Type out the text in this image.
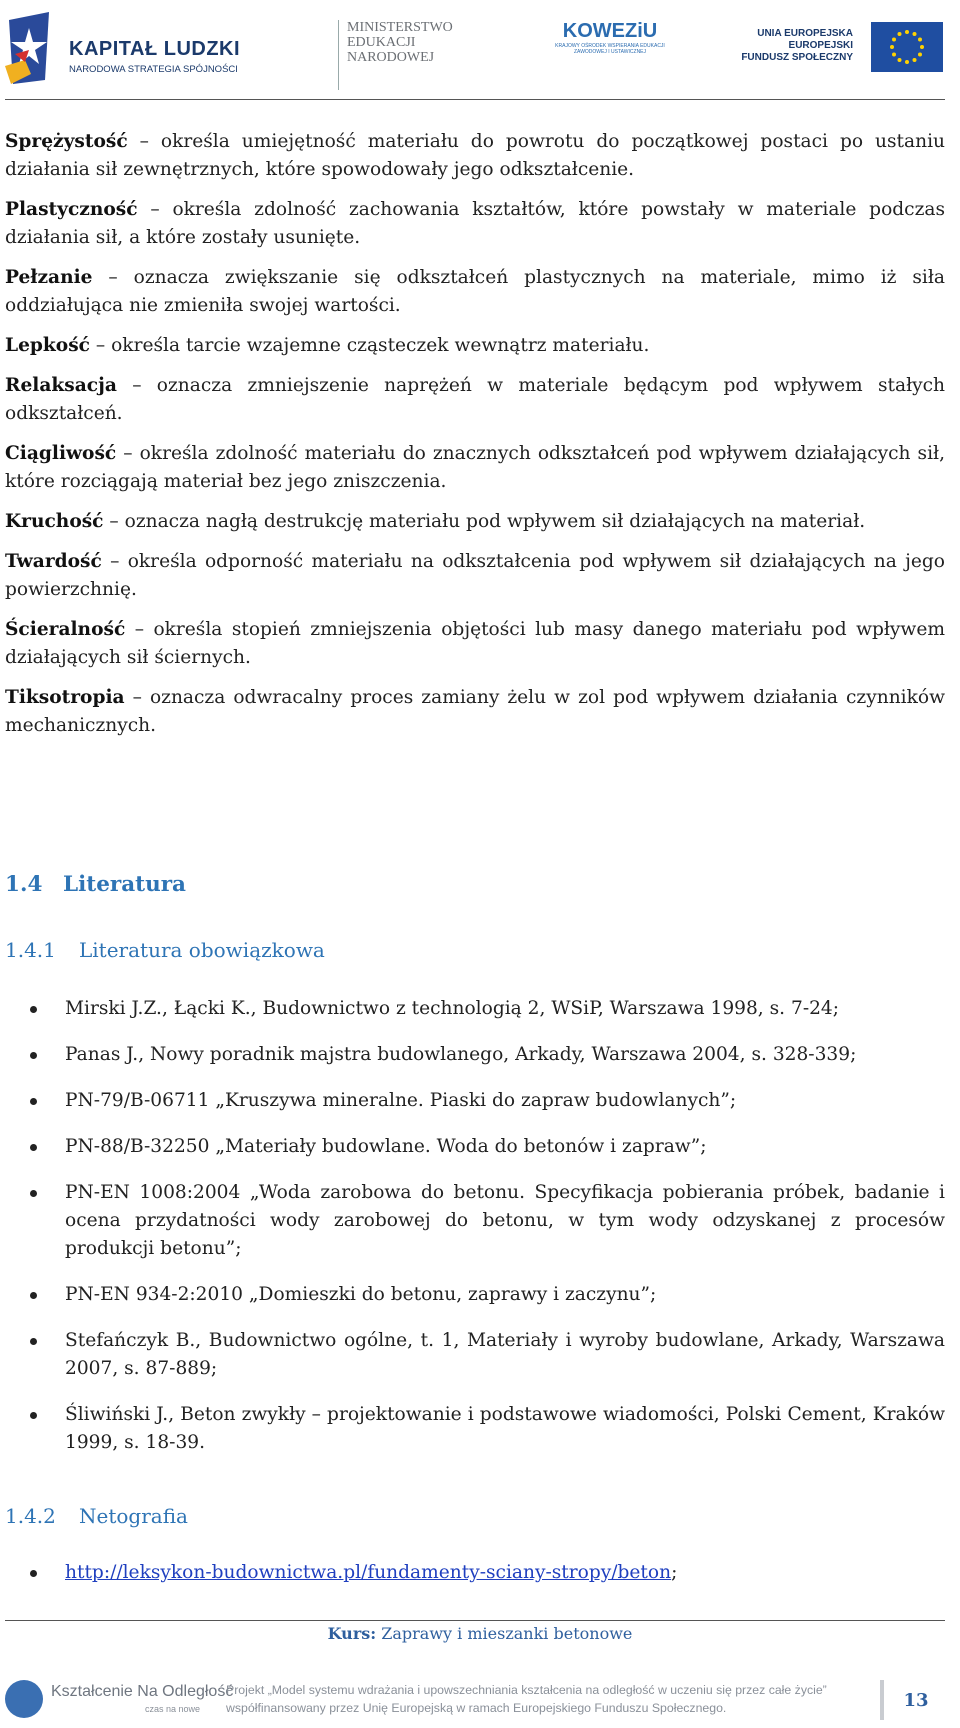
KAPITAŁ LUDZKI
NARODOWA STRATEGIA SPÓJNOŚCI
MINISTERSTWO
EDUKACJI
NARODOWEJ
KOWEZiU
KRAJOWY OŚRODEK WSPIERANIA EDUKACJI ZAWODOWEJ I USTAWICZNEJ
UNIA EUROPEJSKA
EUROPEJSKI
FUNDUSZ SPOŁECZNY

Sprężystość – określa umiejętność materiału do powrotu do początkowej postaci po ustaniu działania sił zewnętrznych, które spowodowały jego odkształcenie.

Plastyczność – określa zdolność zachowania kształtów, które powstały w materiale podczas działania sił, a które zostały usunięte.

Pełzanie – oznacza zwiększanie się odkształceń plastycznych na materiale, mimo iż siła oddziałująca nie zmieniła swojej wartości.

Lepkość – określa tarcie wzajemne cząsteczek wewnątrz materiału.

Relaksacja – oznacza zmniejszenie naprężeń w materiale będącym pod wpływem stałych odkształceń.

Ciągliwość – określa zdolność materiału do znacznych odkształceń pod wpływem działających sił, które rozciągają materiał bez jego zniszczenia.

Kruchość – oznacza nagłą destrukcję materiału pod wpływem sił działających na materiał.

Twardość – określa odporność materiału na odkształcenia pod wpływem sił działających na jego powierzchnię.

Ścieralność – określa stopień zmniejszenia objętości lub masy danego materiału pod wpływem działających sił ściernych.

Tiksotropia – oznacza odwracalny proces zamiany żelu w zol pod wpływem działania czynników mechanicznych.

1.4 Literatura
1.4.1 Literatura obowiązkowa
Mirski J.Z., Łącki K., Budownictwo z technologią 2, WSiP, Warszawa 1998, s. 7-24;
Panas J., Nowy poradnik majstra budowlanego, Arkady, Warszawa 2004, s. 328-339;
PN-79/B-06711 „Kruszywa mineralne. Piaski do zapraw budowlanych”;
PN-88/B-32250 „Materiały budowlane. Woda do betonów i zapraw”;
PN-EN 1008:2004 „Woda zarobowa do betonu. Specyfikacja pobierania próbek, badanie i ocena przydatności wody zarobowej do betonu, w tym wody odzyskanej z procesów produkcji betonu”;
PN-EN 934-2:2010 „Domieszki do betonu, zaprawy i zaczynu”;
Stefańczyk B., Budownictwo ogólne, t. 1, Materiały i wyroby budowlane, Arkady, Warszawa 2007, s. 87-889;
Śliwiński J., Beton zwykły – projektowanie i podstawowe wiadomości, Polski Cement, Kraków 1999, s. 18-39.
1.4.2 Netografia
http://leksykon-budownictwa.pl/fundamenty-sciany-stropy/beton;
Kurs: Zaprawy i mieszanki betonowe
Kształcenie Na Odległość
czas na nowe
Projekt „Model systemu wdrażania i upowszechniania kształcenia na odległość w uczeniu się przez całe życie”
współfinansowany przez Unię Europejską w ramach Europejskiego Funduszu Społecznego.	13
